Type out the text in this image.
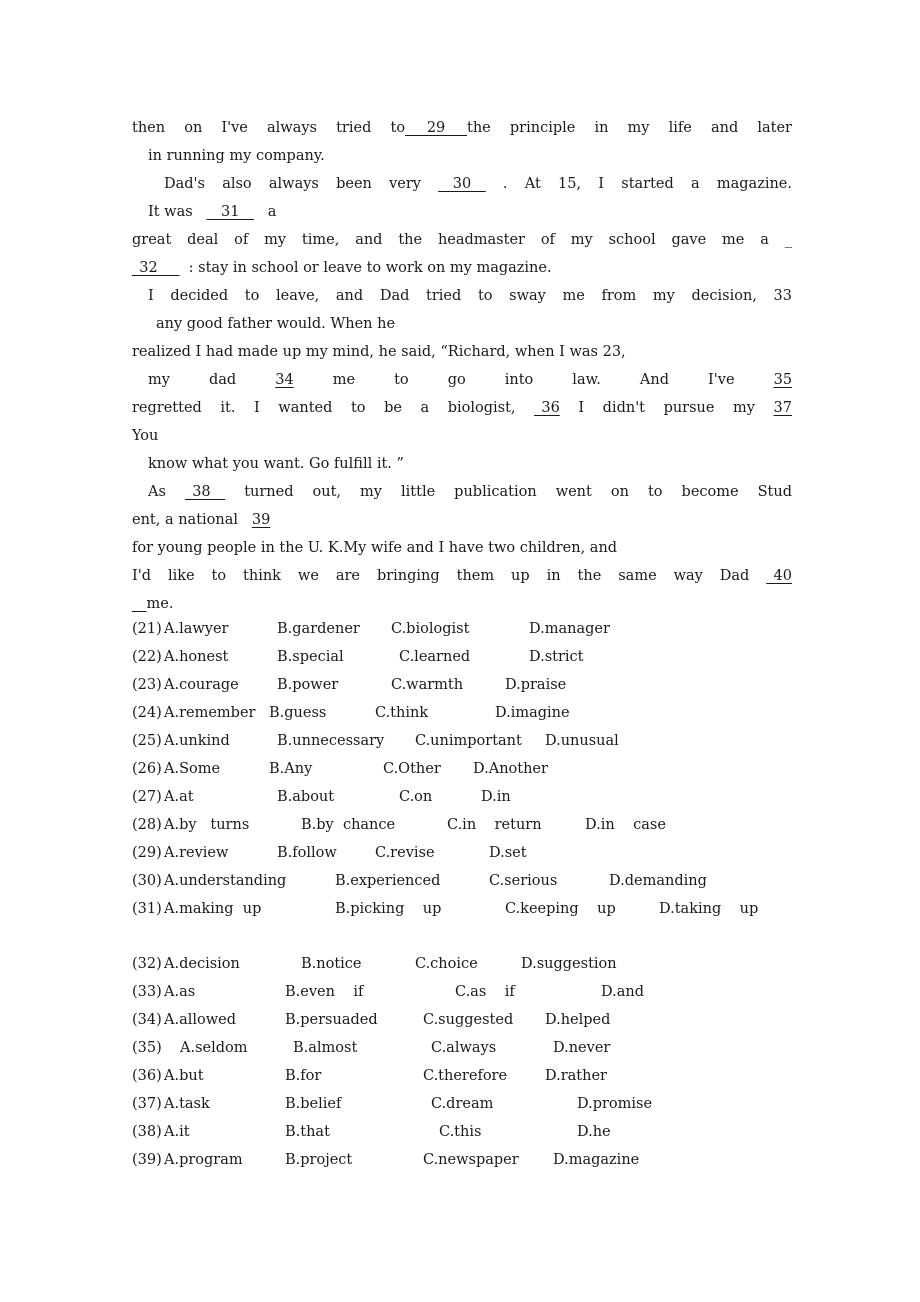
then on I've always tried to___29___the principle in my life and later
in running my company.
Dad's also always been very __30__ . At 15, I started a magazine.
It was __31__ a
great deal of my time, and the headmaster of my school gave me a _
_32___ : stay in school or leave to work on my magazine.
I decided to leave, and Dad tried to sway me from my decision, 33
any good father would. When he
realized I had made up my mind, he said, “Richard, when I was 23,
my dad	34	me to go into law. And I've	35
regretted it. I wanted to be a biologist, _36 I didn't pursue my 37
You
know what you want. Go fulfill it. ”
As _38__ turned out, my little publication went on to become Stud
ent, a national 39
for young people in the U. K.My wife and I have two children, and
I'd like to think we are bringing them up in the same way Dad _40
__me.
(21) A.lawyer	B.gardener C.biologist	D.manager
(22) A.honest	B.special	C.learned	D.strict
(23) A.courage	B.power	C.warmth	D.praise
(24) A.remember B.guess	C.think	D.imagine
(25) A.unkind	B.unnecessary C.unimportant D.unusual
(26) A.Some	B.Any	C.Other D.Another
(27) A.at	B.about	C.on	D.in
(28) A.by   turns	B.by  chance	C.in    return	D.in    case
(29) A.review	B.follow	C.revise	D.set
(30) A.understanding	B.experienced	C.serious	D.demanding
(31) A.making  up	B.picking    up	C.keeping    up	D.taking    up
(32) A.decision	B.notice	C.choice	D.suggestion
(33) A.as	B.even    if	C.as    if	D.and
(34) A.allowed	B.persuaded	C.suggested D.helped
(35) A.seldom	B.almost	C.always	D.never
(36) A.but	B.for	C.therefore	D.rather
(37) A.task	B.belief	C.dream	D.promise
(38) A.it	B.that	C.this	D.he
(39) A.program	B.project	C.newspaper D.magazine
